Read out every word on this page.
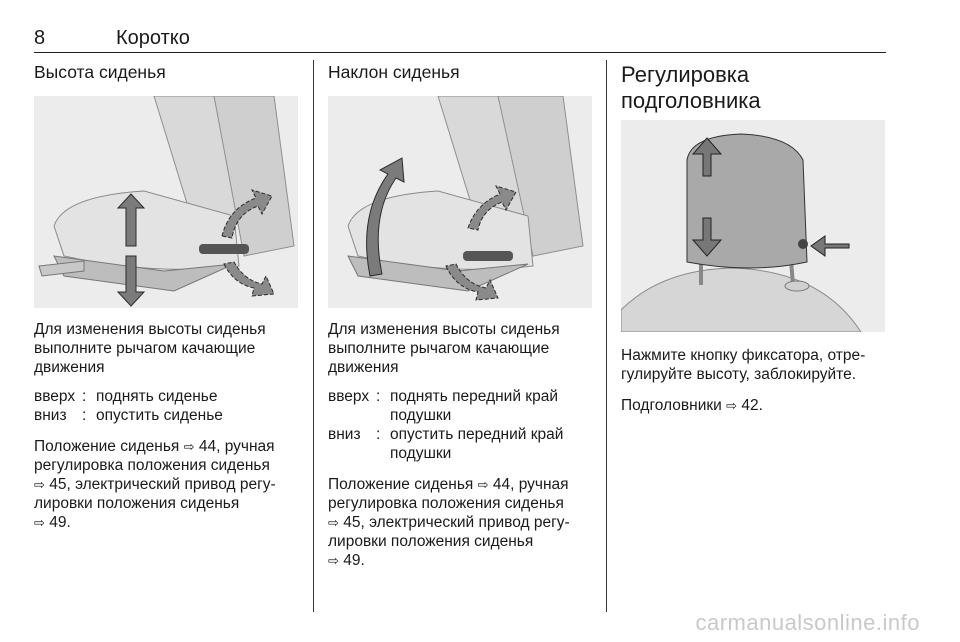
8	Коротко
Высота сиденья

Для изменения высоты сиденья выполните рычагом качающие движения

вверх : поднять сиденье
вниз : опустить сиденье

Положение сиденья ⇨ 44, ручная
регулировка положения сиденья
⇨ 45, электрический привод регу-
лировки положения сиденья
⇨ 49.

Наклон сиденья

Для изменения высоты сиденья выполните рычагом качающие движения

вверх : поднять передний край подушки
вниз : опустить передний край подушки

Положение сиденья ⇨ 44, ручная
регулировка положения сиденья
⇨ 45, электрический привод регу-
лировки положения сиденья
⇨ 49.

Регулировка
подголовника

Нажмите кнопку фиксатора, отре-гулируйте высоту, заблокируйте.

Подголовники ⇨ 42.

carmanualsonline.info
